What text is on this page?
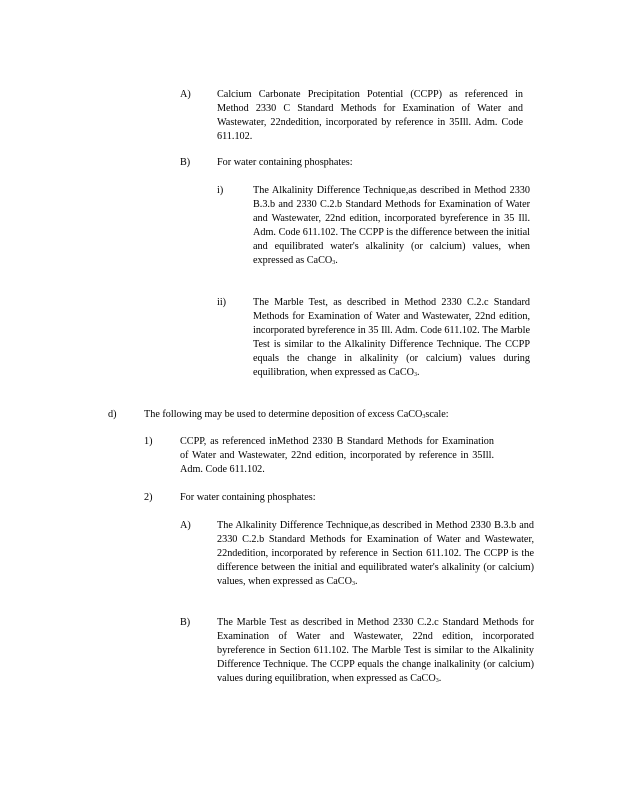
A)	Calcium Carbonate Precipitation Potential (CCPP) as referenced in Method 2330 C Standard Methods for Examination of Water and Wastewater, 22ndedition, incorporated by reference in 35Ill. Adm. Code 611.102.
B)	For water containing phosphates:
i)	The Alkalinity Difference Technique,as described in Method 2330 B.3.b and 2330 C.2.b Standard Methods for Examination of Water and Wastewater, 22nd edition, incorporated byreference in 35 Ill. Adm. Code 611.102. The CCPP is the difference between the initial and equilibrated water's alkalinity (or calcium) values, when expressed as CaCO3.
ii)	The Marble Test, as described in Method 2330 C.2.c Standard Methods for Examination of Water and Wastewater, 22nd edition, incorporated byreference in 35 Ill. Adm. Code 611.102. The Marble Test is similar to the Alkalinity Difference Technique. The CCPP equals the change in alkalinity (or calcium) values during equilibration, when expressed as CaCO3.
d)	The following may be used to determine deposition of excess CaCO3scale:
1)	CCPP, as referenced inMethod 2330 B Standard Methods for Examination of Water and Wastewater, 22nd edition, incorporated by reference in 35Ill. Adm. Code 611.102.
2)	For water containing phosphates:
A)	The Alkalinity Difference Technique,as described in Method 2330 B.3.b and 2330 C.2.b Standard Methods for Examination of Water and Wastewater, 22ndedition, incorporated by reference in Section 611.102. The CCPP is the difference between the initial and equilibrated water's alkalinity (or calcium) values, when expressed as CaCO3.
B)	The Marble Test as described in Method 2330 C.2.c Standard Methods for Examination of Water and Wastewater, 22nd edition, incorporated byreference in Section 611.102. The Marble Test is similar to the Alkalinity Difference Technique. The CCPP equals the change inalkalinity (or calcium) values during equilibration, when expressed as CaCO3.
